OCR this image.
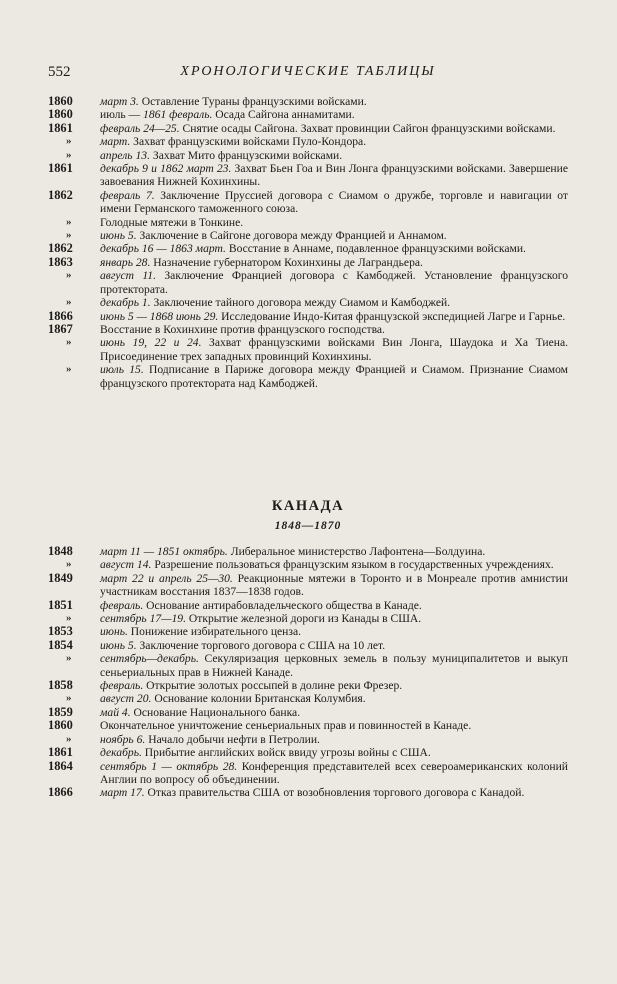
552	ХРОНОЛОГИЧЕСКИЕ ТАБЛИЦЫ
1860	март 3. Оставление Тураны французскими войсками.
1860	июль — 1861 февраль. Осада Сайгона аннамитами.
1861	февраль 24—25. Снятие осады Сайгона. Захват провинции Сайгон французскими войсками.
»	март. Захват французскими войсками Пуло-Кондора.
»	апрель 13. Захват Мито французскими войсками.
1861	декабрь 9 и 1862 март 23. Захват Бьен Гоа и Вин Лонга французскими войсками. Завершение завоевания Нижней Кохинхины.
1862	февраль 7. Заключение Пруссией договора с Сиамом о дружбе, торговле и навигации от имени Германского таможенного союза.
»	Голодные мятежи в Тонкине.
»	июнь 5. Заключение в Сайгоне договора между Францией и Аннамом.
1862	декабрь 16 — 1863 март. Восстание в Аннаме, подавленное французскими войсками.
1863	январь 28. Назначение губернатором Кохинхины де Лаграндьера.
»	август 11. Заключение Францией договора с Камбоджей. Установление французского протектората.
»	декабрь 1. Заключение тайного договора между Сиамом и Камбоджей.
1866	июнь 5 — 1868 июнь 29. Исследование Индо-Китая французской экспедицией Лагре и Гарнье.
1867	Восстание в Кохинхине против французского господства.
»	июнь 19, 22 и 24. Захват французскими войсками Вин Лонга, Шаудока и Ха Тиена. Присоединение трех западных провинций Кохинхины.
»	июль 15. Подписание в Париже договора между Францией и Сиамом. Признание Сиамом французского протектората над Камбоджей.
КАНАДА
1848—1870
1848	март 11 — 1851 октябрь. Либеральное министерство Лафонтена—Болдуина.
»	август 14. Разрешение пользоваться французским языком в государственных учреждениях.
1849	март 22 и апрель 25—30. Реакционные мятежи в Торонто и в Монреале против амнистии участникам восстания 1837—1838 годов.
1851	февраль. Основание антирабовладельческого общества в Канаде.
»	сентябрь 17—19. Открытие железной дороги из Канады в США.
1853	июнь. Понижение избирательного ценза.
1854	июнь 5. Заключение торгового договора с США на 10 лет.
»	сентябрь—декабрь. Секуляризация церковных земель в пользу муниципалитетов и выкуп сеньериальных прав в Нижней Канаде.
1858	февраль. Открытие золотых россыпей в долине реки Фрезер.
»	август 20. Основание колонии Британская Колумбия.
1859	май 4. Основание Национального банка.
1860	Окончательное уничтожение сеньериальных прав и повинностей в Канаде.
»	ноябрь 6. Начало добычи нефти в Петролии.
1861	декабрь. Прибытие английских войск ввиду угрозы войны с США.
1864	сентябрь 1 — октябрь 28. Конференция представителей всех североамериканских колоний Англии по вопросу об объединении.
1866	март 17. Отказ правительства США от возобновления торгового договора с Канадой.
